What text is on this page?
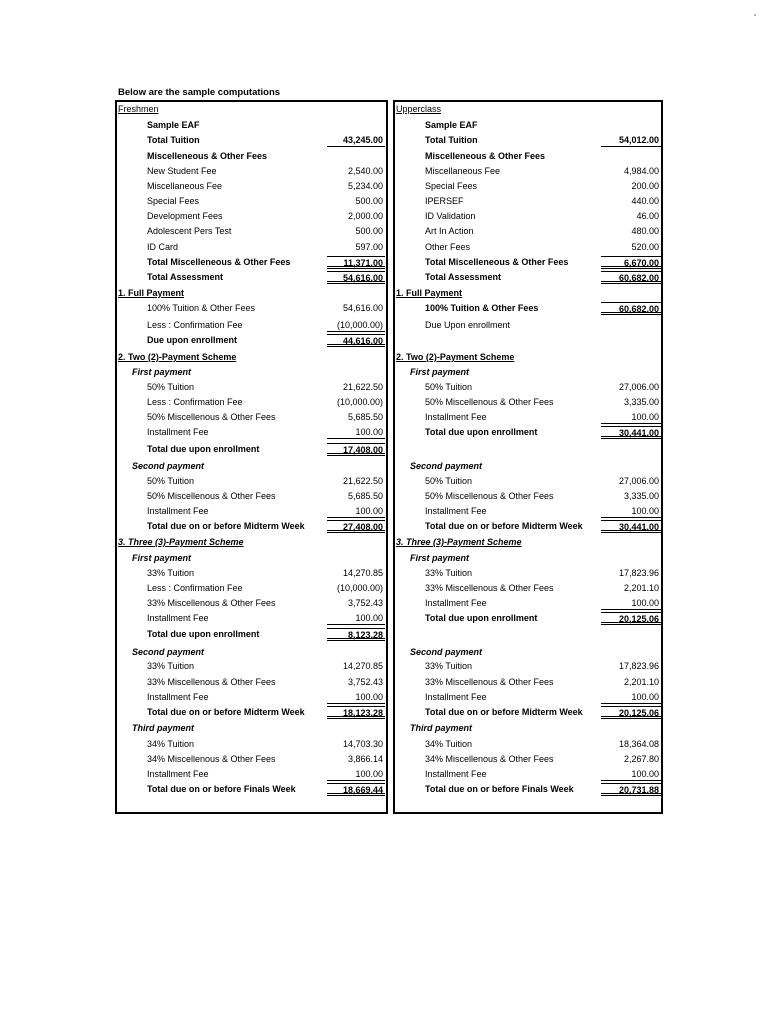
Below are the sample computations
Freshmen
Sample EAF
Total Tuition	43,245.00
Miscelleneous & Other Fees
New Student Fee	2,540.00
Miscellaneous Fee	5,234.00
Special Fees	500.00
Development Fees	2,000.00
Adolescent Pers Test	500.00
ID Card	597.00
Total Miscelleneous & Other Fees	11,371.00
Total Assessment	54,616.00
1. Full Payment
100% Tuition & Other Fees	54,616.00
Less : Confirmation Fee	(10,000.00)
Due upon enrollment	44,616.00
2. Two (2)-Payment Scheme
First payment
50% Tuition	21,622.50
Less : Confirmation Fee	(10,000.00)
50% Miscellenous & Other Fees	5,685.50
Installment Fee	100.00
Total due upon enrollment	17,408.00
Second payment
50% Tuition	21,622.50
50% Miscellenous & Other Fees	5,685.50
Installment Fee	100.00
Total due on or before Midterm Week	27,408.00
3. Three (3)-Payment Scheme
First payment
33% Tuition	14,270.85
Less : Confirmation Fee	(10,000.00)
33% Miscellenous & Other Fees	3,752.43
Installment Fee	100.00
Total due upon enrollment	8,123.28
Second payment
33% Tuition	14,270.85
33% Miscellenous & Other Fees	3,752.43
Installment Fee	100.00
Total due on or before Midterm Week	18,123.28
Third payment
34% Tuition	14,703.30
34% Miscellenous & Other Fees	3,866.14
Installment Fee	100.00
Total due on or before Finals Week	18,669.44
Upperclass
Sample EAF
Total Tuition	54,012.00
Miscelleneous & Other Fees
Miscellaneous Fee	4,984.00
Special Fees	200.00
IPERSEF	440.00
ID Validation	46.00
Art In Action	480.00
Other Fees	520.00
Total Miscelleneous & Other Fees	6,670.00
Total Assessment	60,682.00
1. Full Payment
100% Tuition & Other Fees	60,682.00
Due Upon enrollment
2. Two (2)-Payment Scheme
First payment
50% Tuition	27,006.00
50% Miscellenous & Other Fees	3,335.00
Installment Fee	100.00
Total due upon enrollment	30,441.00
Second payment
50% Tuition	27,006.00
50% Miscellenous & Other Fees	3,335.00
Installment Fee	100.00
Total due on or before Midterm Week	30,441.00
3. Three (3)-Payment Scheme
First payment
33% Tuition	17,823.96
33% Miscellenous & Other Fees	2,201.10
Installment Fee	100.00
Total due upon enrollment	20,125.06
Second payment
33% Tuition	17,823.96
33% Miscellenous & Other Fees	2,201.10
Installment Fee	100.00
Total due on or before Midterm Week	20,125.06
Third payment
34% Tuition	18,364.08
34% Miscellenous & Other Fees	2,267.80
Installment Fee	100.00
Total due on or before Finals Week	20,731.88
